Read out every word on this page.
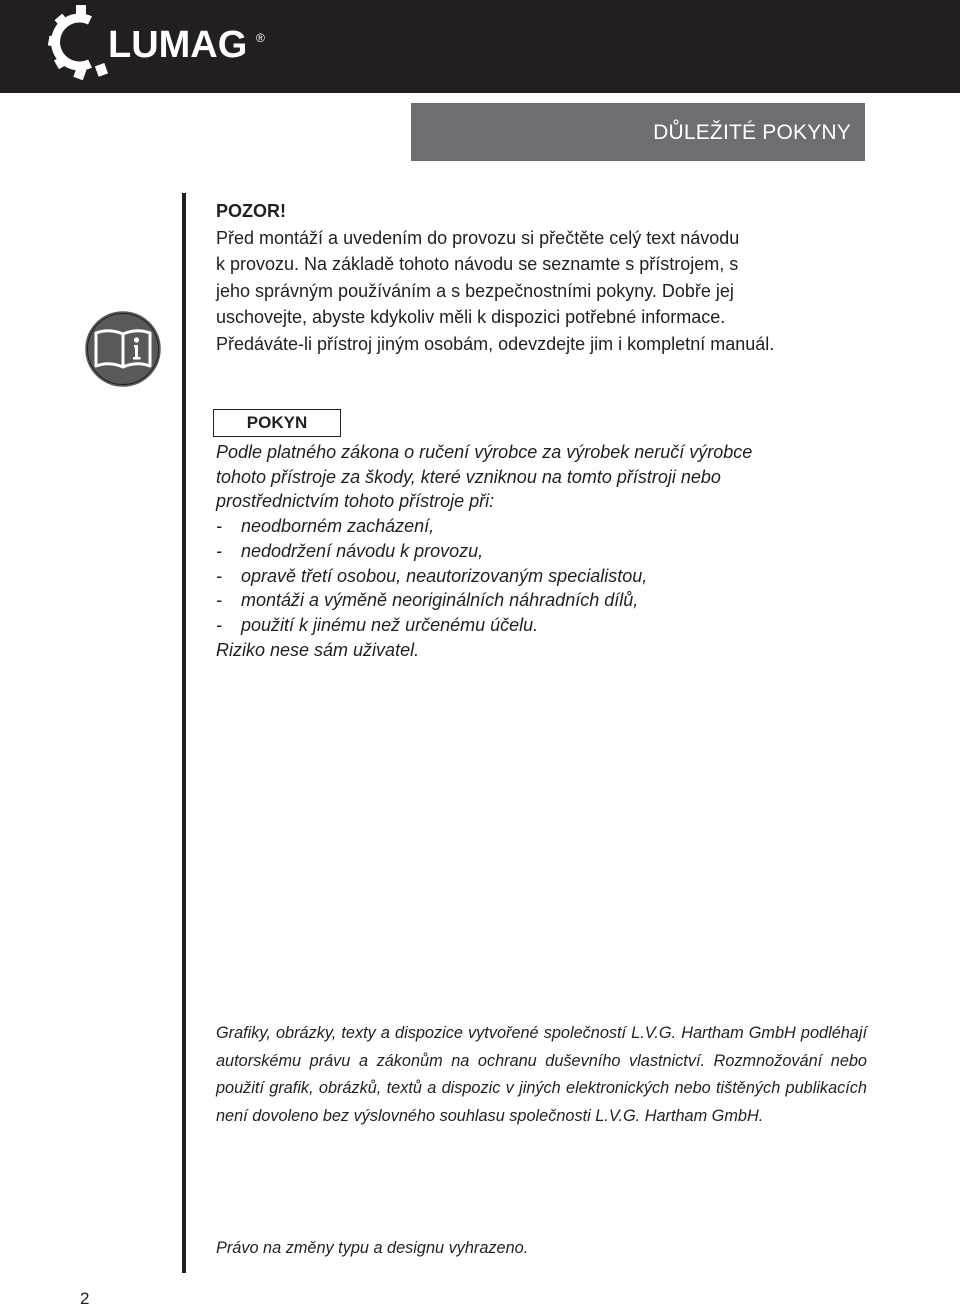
LUMAG ®
DŮLEŽITÉ POKYNY
POZOR!
Před montáží a uvedením do provozu si přečtěte celý text návodu
k provozu. Na základě tohoto návodu se seznamte s přístrojem, s
jeho správným používáním a s bezpečnostními pokyny. Dobře jej
uschovejte, abyste kdykoliv měli k dispozici potřebné informace.
Předáváte-li přístroj jiným osobám, odevzdejte jim i kompletní manuál.
POKYN
Podle platného zákona o ručení výrobce za výrobek neručí výrobce
tohoto přístroje za škody, které vzniknou na tomto přístroji nebo
prostřednictvím tohoto přístroje při:
-	neodborném zacházení,
-	nedodržení návodu k provozu,
-	opravě třetí osobou, neautorizovaným specialistou,
-	montáži a výměně neoriginálních náhradních dílů,
-	použití k jinému než určenému účelu.
Riziko nese sám uživatel.
Grafiky, obrázky, texty a dispozice vytvořené společností L.V.G. Hartham GmbH podléhají autorskému právu a zákonům na ochranu duševního vlastnictví. Rozmnožování nebo použití grafik, obrázků, textů a dispozic v jiných elektronických nebo tištěných publikacích není dovoleno bez výslovného souhlasu společnosti L.V.G. Hartham GmbH.
Právo na změny typu a designu vyhrazeno.
2
